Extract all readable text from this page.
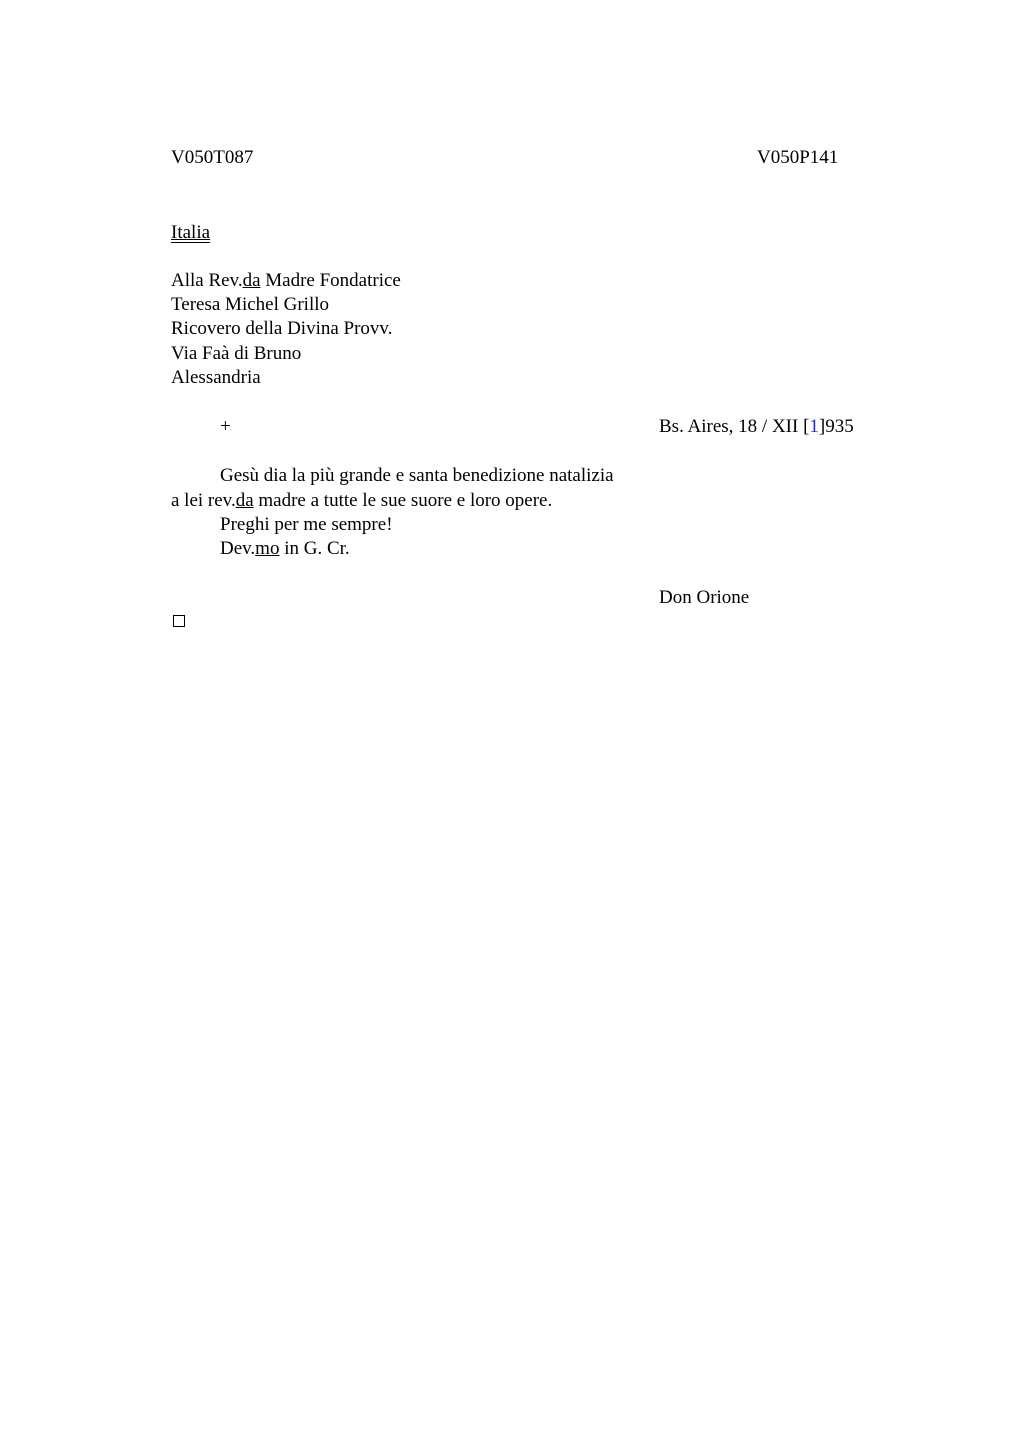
V050T087	V050P141
Italia
Alla Rev.da Madre Fondatrice
Teresa Michel Grillo
Ricovero della Divina Provv.
Via Faà di Bruno
Alessandria
+	Bs. Aires, 18 / XII [1]935
Gesù dia la più grande e santa benedizione natalizia
a lei rev.da madre a tutte le sue suore e loro opere.
Preghi per me sempre!
Dev.mo in G. Cr.
Don Orione
